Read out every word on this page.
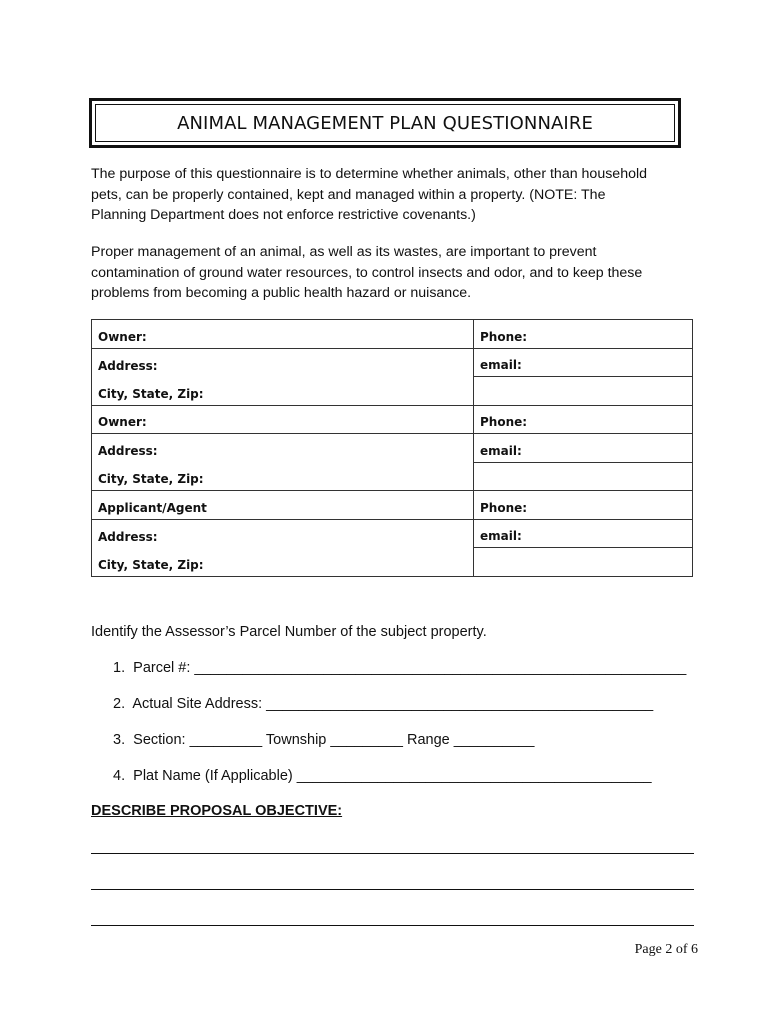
ANIMAL MANAGEMENT PLAN QUESTIONNAIRE
The purpose of this questionnaire is to determine whether animals, other than household
pets, can be properly contained, kept and managed within a property. (NOTE: The
Planning Department does not enforce restrictive covenants.)
Proper management of an animal, as well as its wastes, are important to prevent
contamination of ground water resources, to control insects and odor, and to keep these
problems from becoming a public health hazard or nuisance.
Owner:	Phone:
Address:	email:
City, State, Zip:	
Owner:	Phone:
Address:	email:
City, State, Zip:	
Applicant/Agent	Phone:
Address:	email:
City, State, Zip:	
Identify the Assessor’s Parcel Number of the subject property.
1.  Parcel #: _____________________________________________________________
2.  Actual Site Address: ________________________________________________
3.  Section: _________ Township _________ Range __________
4.  Plat Name (If Applicable) ____________________________________________
DESCRIBE PROPOSAL OBJECTIVE:
Page 2 of 6
